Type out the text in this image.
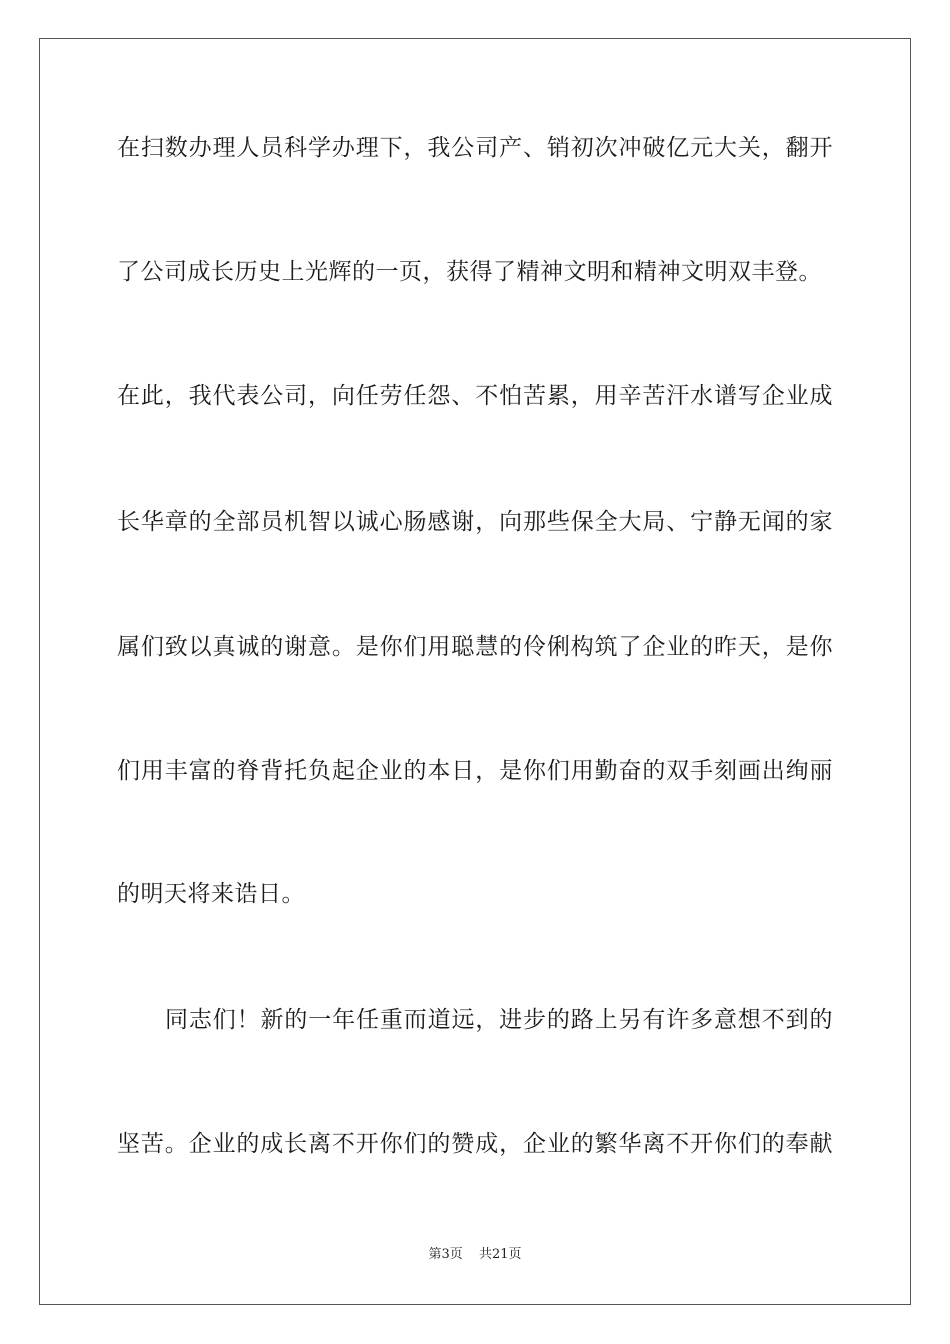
在扫数办理人员科学办理下，我公司产、销初次冲破亿元大关，翻开
了公司成长历史上光辉的一页，获得了精神文明和精神文明双丰登。
在此，我代表公司，向任劳任怨、不怕苦累，用辛苦汗水谱写企业成
长华章的全部员机智以诚心肠感谢，向那些保全大局、宁静无闻的家
属们致以真诚的谢意。是你们用聪慧的伶俐构筑了企业的昨天，是你
们用丰富的脊背托负起企业的本日，是你们用勤奋的双手刻画出绚丽
的明天将来诰日。
同志们！新的一年任重而道远，进步的路上另有许多意想不到的
坚苦。企业的成长离不开你们的赞成，企业的繁华离不开你们的奉献
第3页 共21页
